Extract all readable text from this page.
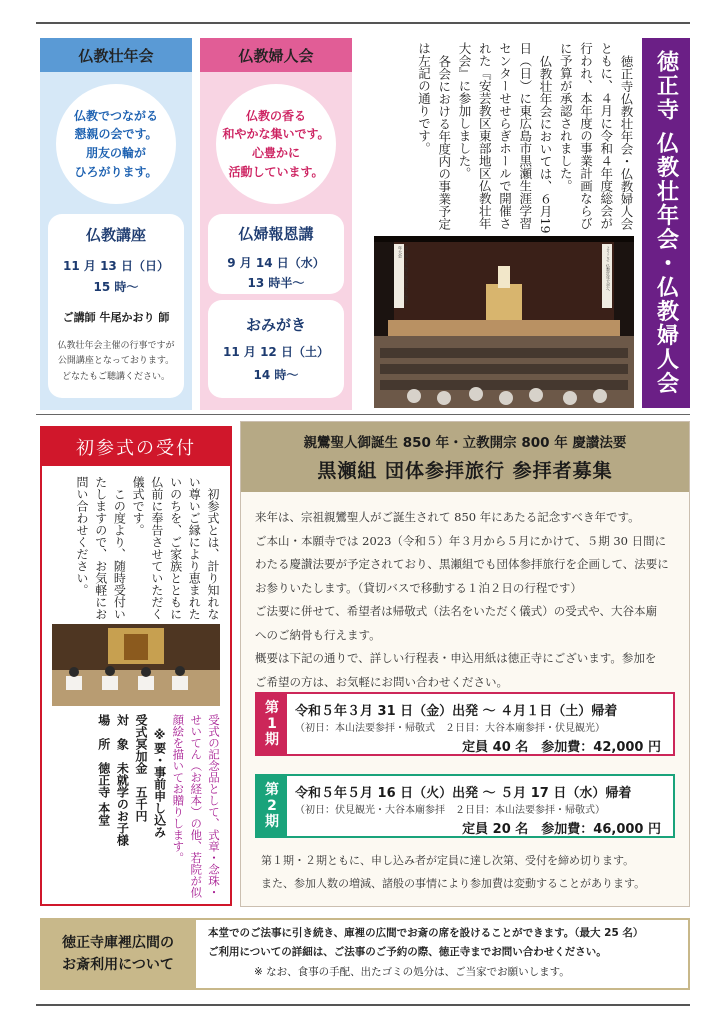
仏教壮年会
仏教でつながる
懇親の会です。
朋友の輪が
ひろがります。
仏教講座
11 月 13 日（日）
15 時〜
ご講師 牛尾かおり 師
仏教壮年会主催の行事ですが
公開講座となっております。
どなたもご聴講ください。
仏教婦人会
仏教の香る
和やかな集いです。
心豊かに
活動しています。
仏婦報恩講
9 月 14 日（水）
13 時半〜
おみがき
11 月 12 日（土）
14 時〜

徳正寺仏教壮年会・仏教婦人会ともに、４月に令和４年度総会が行われ、本年度の事業計画ならびに予算が承認されました。

仏教壮年会においては、６月19日（日）に東広島市黒瀬生涯学習センターせせらぎホールで開催された『安芸教区東部地区仏教壮年大会』に参加しました。

各会における年度内の事業予定は左記の通りです。

第二回 安芸教区東部地区仏教壮年大会	ようこそ 仏教壮年大会へ 徳正寺 仏教壮年会・仏教婦人会
初参式の受付

初参式とは、計り知れない尊いご縁により恵まれたいのちを、ご家族とともに仏前に奉告させていただく儀式です。

この度より、随時受付いたしますので、お気軽にお問い合わせください。

受式の記念品として、式章・念珠・せいてん（お経本）の他、若院が似顔絵を描いてお贈りします。
※要・事前申し込み
受式冥加金　五千円
対　象　未就学のお子様
場　所　徳正寺 本堂
親鸞聖人御誕生 850 年・立教開宗 800 年 慶讃法要
黒瀬組 団体参拝旅行 参拝者募集
来年は、宗祖親鸞聖人がご誕生されて 850 年にあたる記念すべき年です。
ご本山・本願寺では 2023（令和５）年３月から５月にかけて、５期 30 日間に
わたる慶讃法要が予定されており、黒瀬組でも団体参拝旅行を企画して、法要に
お参りいたします。（貸切バスで移動する１泊２日の行程です）
ご法要に併せて、希望者は帰敬式（法名をいただく儀式）の受式や、大谷本廟
へのご納骨も行えます。
概要は下記の通りで、詳しい行程表・申込用紙は徳正寺にございます。参加を
ご希望の方は、お気軽にお問い合わせください。
第
1
期
令和５年３月 31 日（金）出発 〜 ４月１日（土）帰着
（初日：本山法要参拝・帰敬式　２日目：大谷本廟参拝・伏見観光）
定員 40 名　参加費：42,000 円
第
2
期
令和５年５月 16 日（火）出発 〜 ５月 17 日（水）帰着
（初日：伏見観光・大谷本廟参拝　２日目：本山法要参拝・帰敬式）
定員 20 名　参加費：46,000 円
第１期・２期ともに、申し込み者が定員に達し次第、受付を締め切ります。
また、参加人数の増減、諸般の事情により参加費は変動することがあります。
徳正寺庫裡広間の
お斎利用について
本堂でのご法事に引き続き、庫裡の広間でお斎の席を設けることができます。（最大 25 名）
ご利用についての詳細は、ご法事のご予約の際、徳正寺までお問い合わせください。
※ なお、食事の手配、出たゴミの処分は、ご当家でお願いします。
